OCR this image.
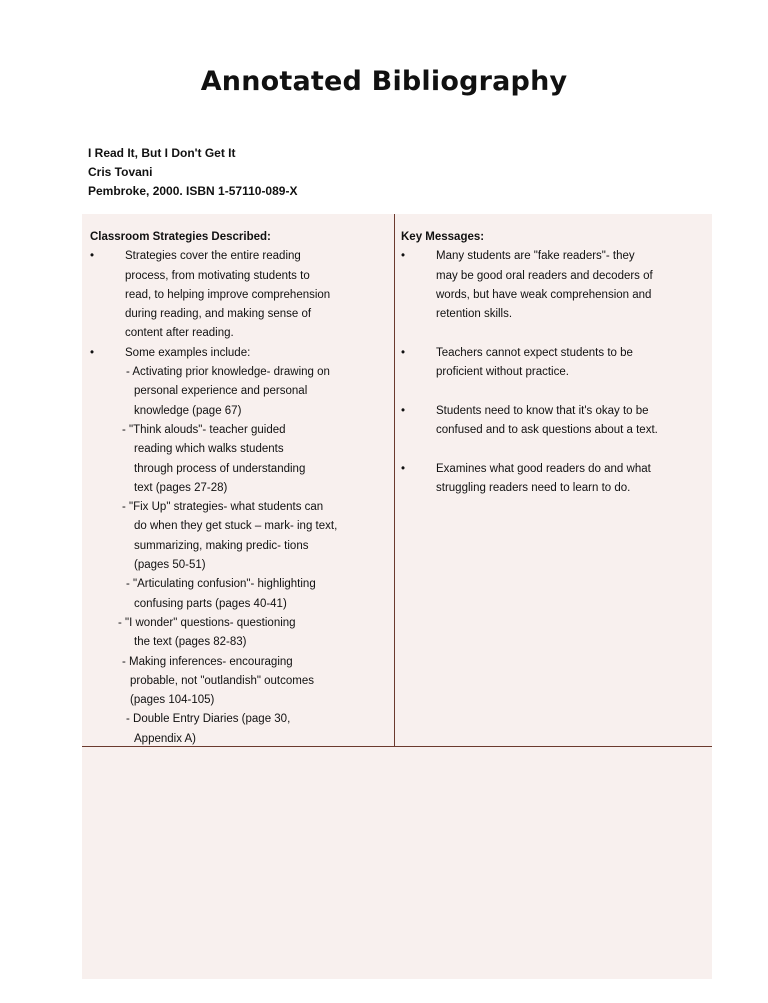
Annotated Bibliography
I Read It, But I Don't Get It
Cris Tovani
Pembroke, 2000. ISBN 1-57110-089-X
Classroom Strategies Described:
•	Strategies cover the entire reading
process, from motivating students to
read, to helping improve comprehension
during reading, and making sense of
content after reading.
•	Some examples include:
- Activating prior knowledge- drawing on
personal experience and personal
knowledge (page 67)
- "Think alouds"- teacher guided
reading which walks students
through process of understanding
text (pages 27-28)
- "Fix Up" strategies- what students can
do when they get stuck – mark- ing text,
summarizing, making predic- tions
(pages 50-51)
- "Articulating confusion"- highlighting
confusing parts (pages 40-41)
- "I wonder" questions- questioning
the text (pages 82-83)
- Making inferences- encouraging
probable, not "outlandish" outcomes
(pages 104-105)
- Double Entry Diaries (page 30,
Appendix A)
Key Messages:
•	Many students are "fake readers"- they
may be good oral readers and decoders of
words, but have weak comprehension and
retention skills.
•	Teachers cannot expect students to be
proficient without practice.
•	Students need to know that it's okay to be
confused and to ask questions about a text.
•	Examines what good readers do and what
struggling readers need to learn to do.
